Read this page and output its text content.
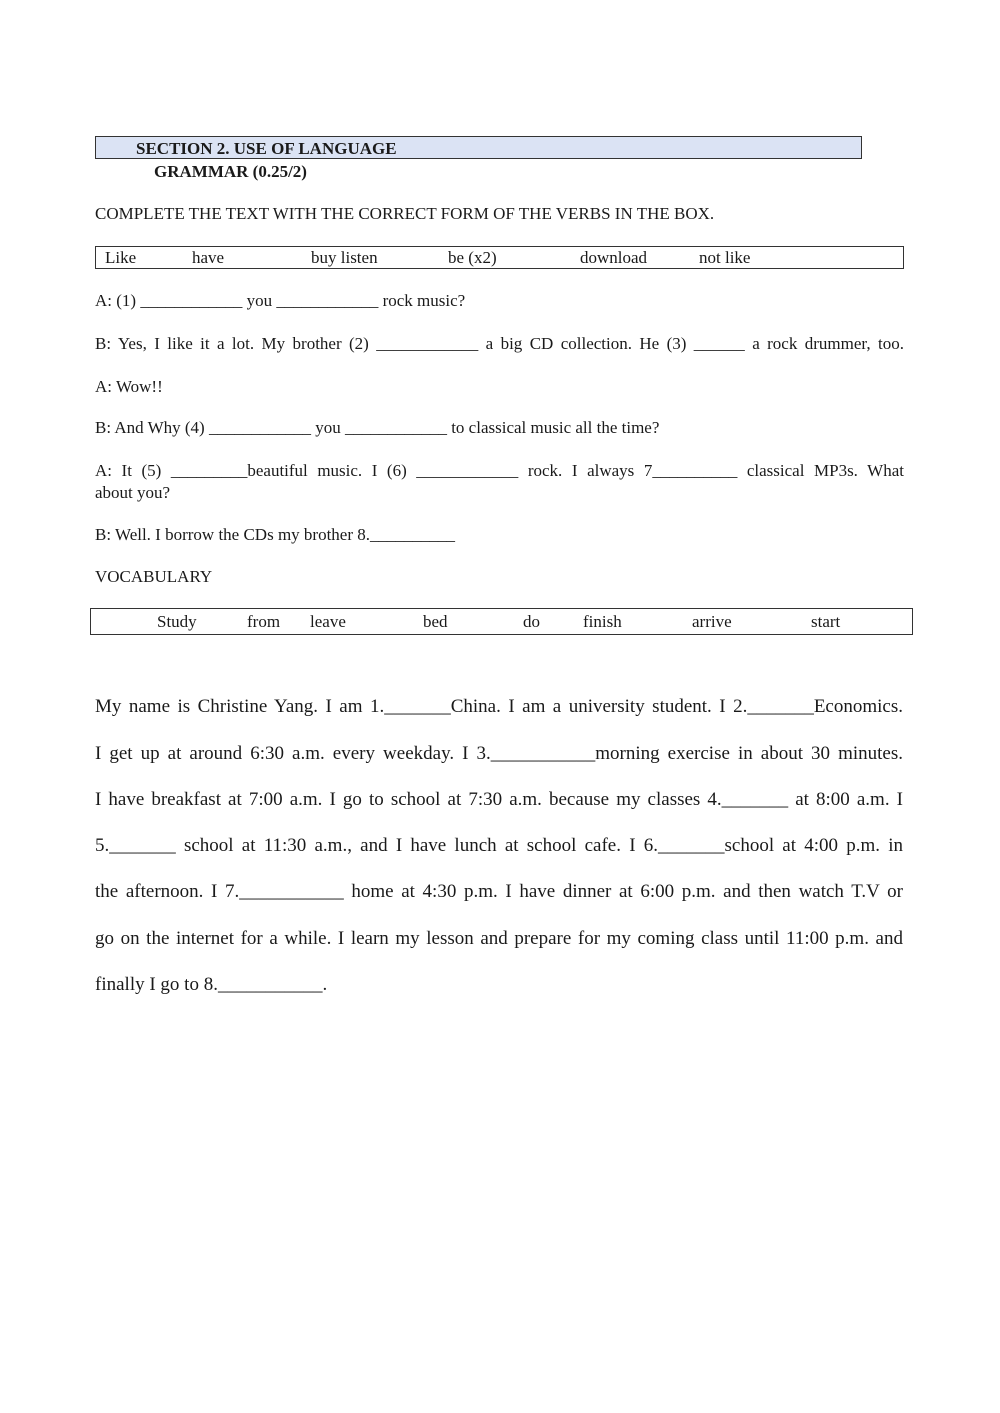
SECTION 2. USE OF LANGUAGE
GRAMMAR (0.25/2)
COMPLETE THE TEXT WITH THE CORRECT FORM OF THE VERBS IN THE BOX.
Like	have	buy listen	be (x2)	download	not like
A: (1) ____________ you ____________ rock music?
B: Yes, I like it a lot. My brother (2) ____________ a big CD collection. He (3) ______ a rock drummer, too.
A: Wow!!
B: And Why (4) ____________ you ____________ to classical music all the time?
A: It (5) _________beautiful music. I (6) ____________ rock. I always 7__________ classical MP3s. What
about you?
B: Well. I borrow the CDs my brother 8.__________
VOCABULARY
Study	from leave	bed	do	finish	arrive	start
My name is Christine Yang. I am 1._______China. I am a university student. I 2._______Economics.
I get up at around 6:30 a.m. every weekday. I 3.___________morning exercise in about 30 minutes.
I have breakfast at 7:00 a.m. I go to school at 7:30 a.m. because my classes 4._______ at 8:00 a.m. I
5._______ school at 11:30 a.m., and I have lunch at school cafe. I 6._______school at 4:00 p.m. in
the afternoon. I 7.___________ home at 4:30 p.m. I have dinner at 6:00 p.m. and then watch T.V or
go on the internet for a while. I learn my lesson and prepare for my coming class until 11:00 p.m. and
finally I go to 8.___________.
